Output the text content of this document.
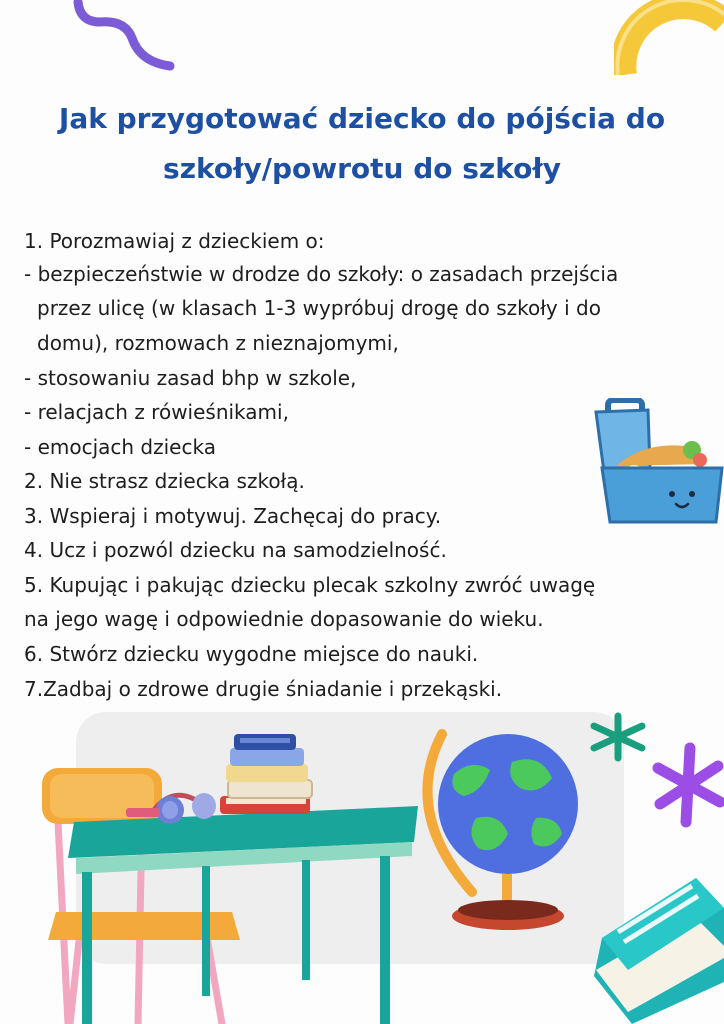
Jak przygotować dziecko do pójścia do
szkoły/powrotu do szkoły

1. Porozmawiaj z dzieckiem o:

- bezpieczeństwie w drodze do szkoły: o zasadach przejścia

przez ulicę (w klasach 1-3 wypróbuj drogę do szkoły i do

domu), rozmowach z nieznajomymi,

- stosowaniu zasad bhp w szkole,

- relacjach z rówieśnikami,

- emocjach dziecka

2. Nie strasz dziecka szkołą.

3. Wspieraj i motywuj. Zachęcaj do pracy.

4. Ucz i pozwól dziecku na samodzielność.

5. Kupując i pakując dziecku plecak szkolny zwróć uwagę

na jego wagę i odpowiednie dopasowanie do wieku.

6. Stwórz dziecku wygodne miejsce do nauki.

7.Zadbaj o zdrowe drugie śniadanie i przekąski.
